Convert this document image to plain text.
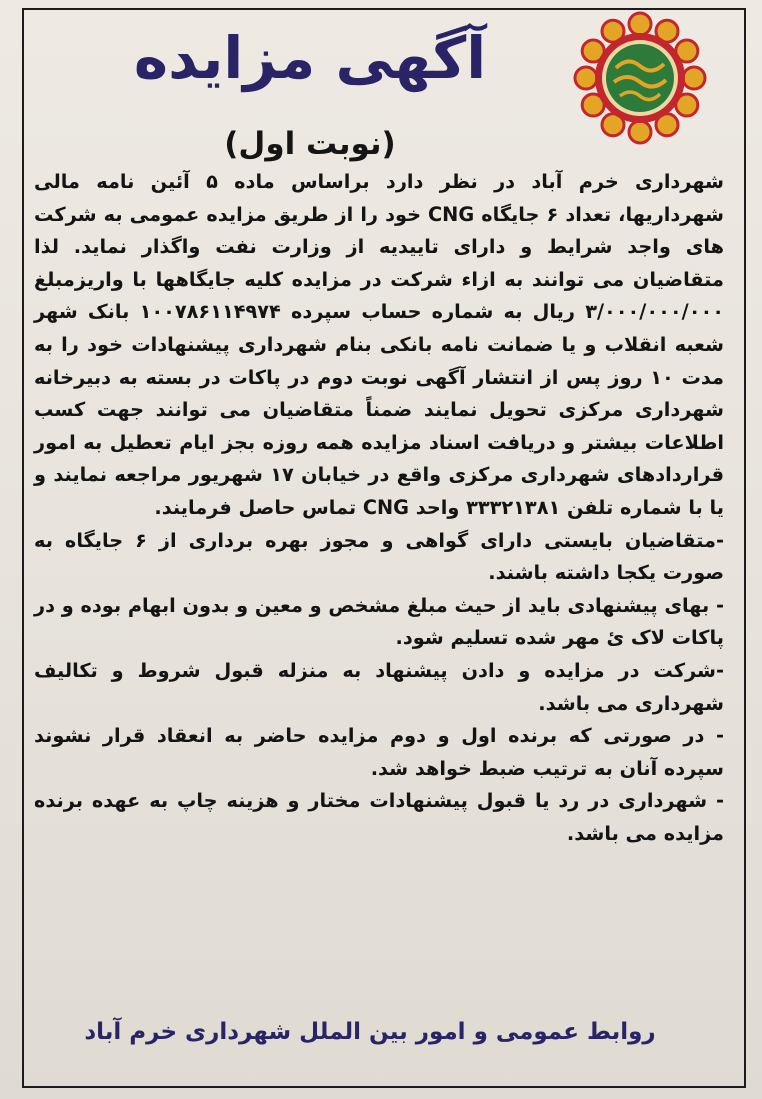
آگهی مزایده
(نوبت اول)

شهرداری خرم آباد در نظر دارد براساس ماده ۵ آئین نامه مالی شهرداریها، تعداد ۶ جایگاه CNG خود را از طریق مزایده عمومی به شرکت های واجد شرایط و دارای تاییدیه از وزارت نفت واگذار نماید. لذا متقاضیان می توانند به ازاء شرکت در مزایده کلیه جایگاهها با واریزمبلغ ۳/۰۰۰/۰۰۰/۰۰۰ ریال به شماره حساب سپرده ۱۰۰۷۸۶۱۱۴۹۷۴ بانک شهر شعبه انقلاب و یا ضمانت نامه بانکی بنام شهرداری پیشنهادات خود را به مدت ۱۰ روز پس از انتشار آگهی نوبت دوم در پاکات در بسته به دبیرخانه شهرداری مرکزی تحویل نمایند ضمناً متقاضیان می توانند جهت کسب اطلاعات بیشتر و دریافت اسناد مزایده همه روزه بجز ایام تعطیل به امور قراردادهای شهرداری مرکزی واقع در خیابان ۱۷ شهریور مراجعه نمایند و یا با شماره تلفن ۳۳۳۲۱۳۸۱ واحد CNG تماس حاصل فرمایند.

-متقاضیان بایستی دارای گواهی و مجوز بهره برداری از ۶ جایگاه به صورت یکجا داشته باشند.

- بهای پیشنهادی باید از حیث مبلغ مشخص و معین و بدون ابهام بوده و در پاکات لاک ئ مهر شده تسلیم شود.

-شرکت در مزایده و دادن پیشنهاد به منزله قبول شروط و تکالیف شهرداری می باشد.

- در صورتی که برنده اول و دوم مزایده حاضر به انعقاد قرار نشوند سپرده آنان به ترتیب ضبط خواهد شد.

- شهرداری در رد یا قبول پیشنهادات مختار و هزینه چاپ به عهده برنده مزایده می باشد.

روابط عمومی و امور بین الملل شهرداری خرم آباد
